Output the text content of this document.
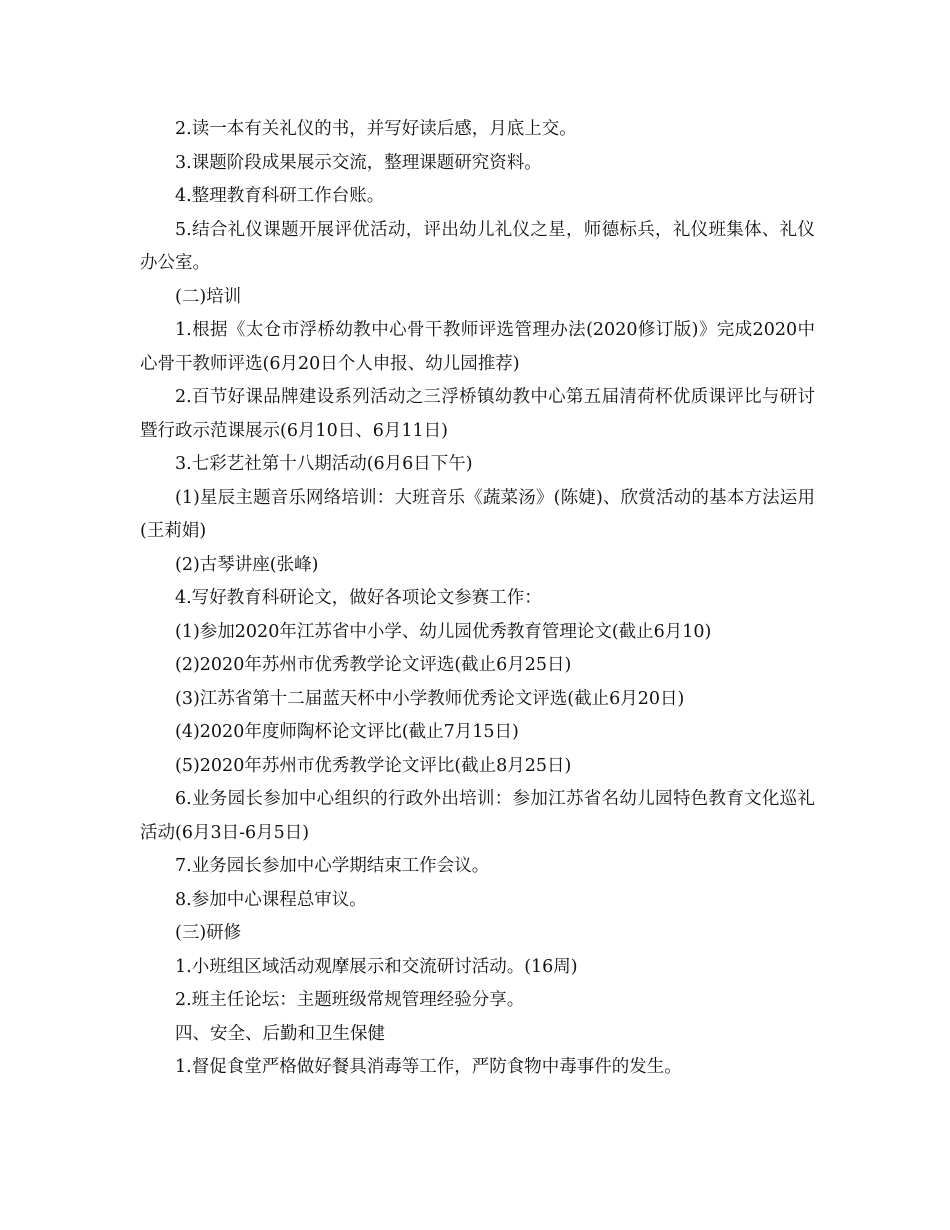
2.读一本有关礼仪的书，并写好读后感，月底上交。

3.课题阶段成果展示交流，整理课题研究资料。

4.整理教育科研工作台账。

5.结合礼仪课题开展评优活动，评出幼儿礼仪之星，师德标兵，礼仪班集体、礼仪办公室。

(二)培训

1.根据《太仓市浮桥幼教中心骨干教师评选管理办法(2020修订版)》完成2020中心骨干教师评选(6月20日个人申报、幼儿园推荐)

2.百节好课品牌建设系列活动之三浮桥镇幼教中心第五届清荷杯优质课评比与研讨暨行政示范课展示(6月10日、6月11日)

3.七彩艺社第十八期活动(6月6日下午)

(1)星辰主题音乐网络培训：大班音乐《蔬菜汤》(陈婕)、欣赏活动的基本方法运用(王莉娟)

(2)古琴讲座(张峰)

4.写好教育科研论文，做好各项论文参赛工作：

(1)参加2020年江苏省中小学、幼儿园优秀教育管理论文(截止6月10)

(2)2020年苏州市优秀教学论文评选(截止6月25日)

(3)江苏省第十二届蓝天杯中小学教师优秀论文评选(截止6月20日)

(4)2020年度师陶杯论文评比(截止7月15日)

(5)2020年苏州市优秀教学论文评比(截止8月25日)

6.业务园长参加中心组织的行政外出培训：参加江苏省名幼儿园特色教育文化巡礼活动(6月3日-6月5日)

7.业务园长参加中心学期结束工作会议。

8.参加中心课程总审议。

(三)研修

1.小班组区域活动观摩展示和交流研讨活动。(16周)

2.班主任论坛：主题班级常规管理经验分享。

四、安全、后勤和卫生保健

1.督促食堂严格做好餐具消毒等工作，严防食物中毒事件的发生。
